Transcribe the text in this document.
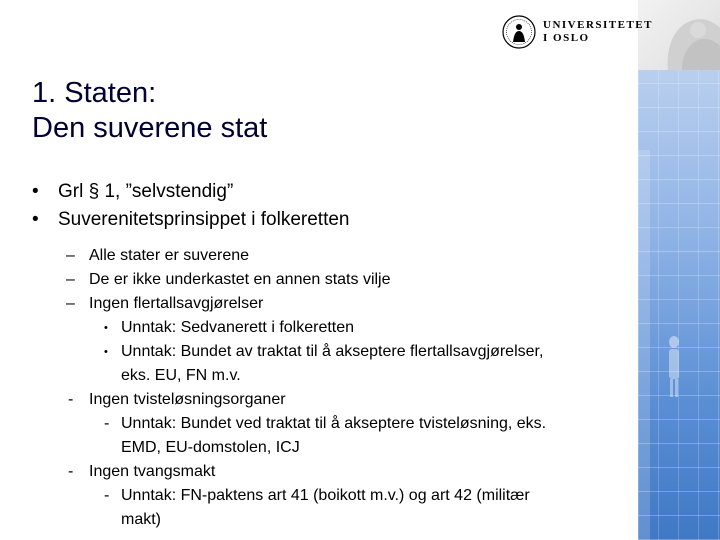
UNIVERSITETET
I OSLO
1. Staten:
Den suverene stat
• Grl § 1, ”selvstendig”
• Suverenitetsprinsippet i folkeretten
– Alle stater er suverene
– De er ikke underkastet en annen stats vilje
– Ingen flertallsavgjørelser
• Unntak: Sedvanerett i folkeretten
• Unntak: Bundet av traktat til å akseptere flertallsavgjørelser,
eks. EU, FN m.v.
- Ingen tvisteløsningsorganer
- Unntak: Bundet ved traktat til å akseptere tvisteløsning, eks.
EMD, EU-domstolen, ICJ
- Ingen tvangsmakt
- Unntak: FN-paktens art 41 (boikott m.v.) og art 42 (militær
makt)
